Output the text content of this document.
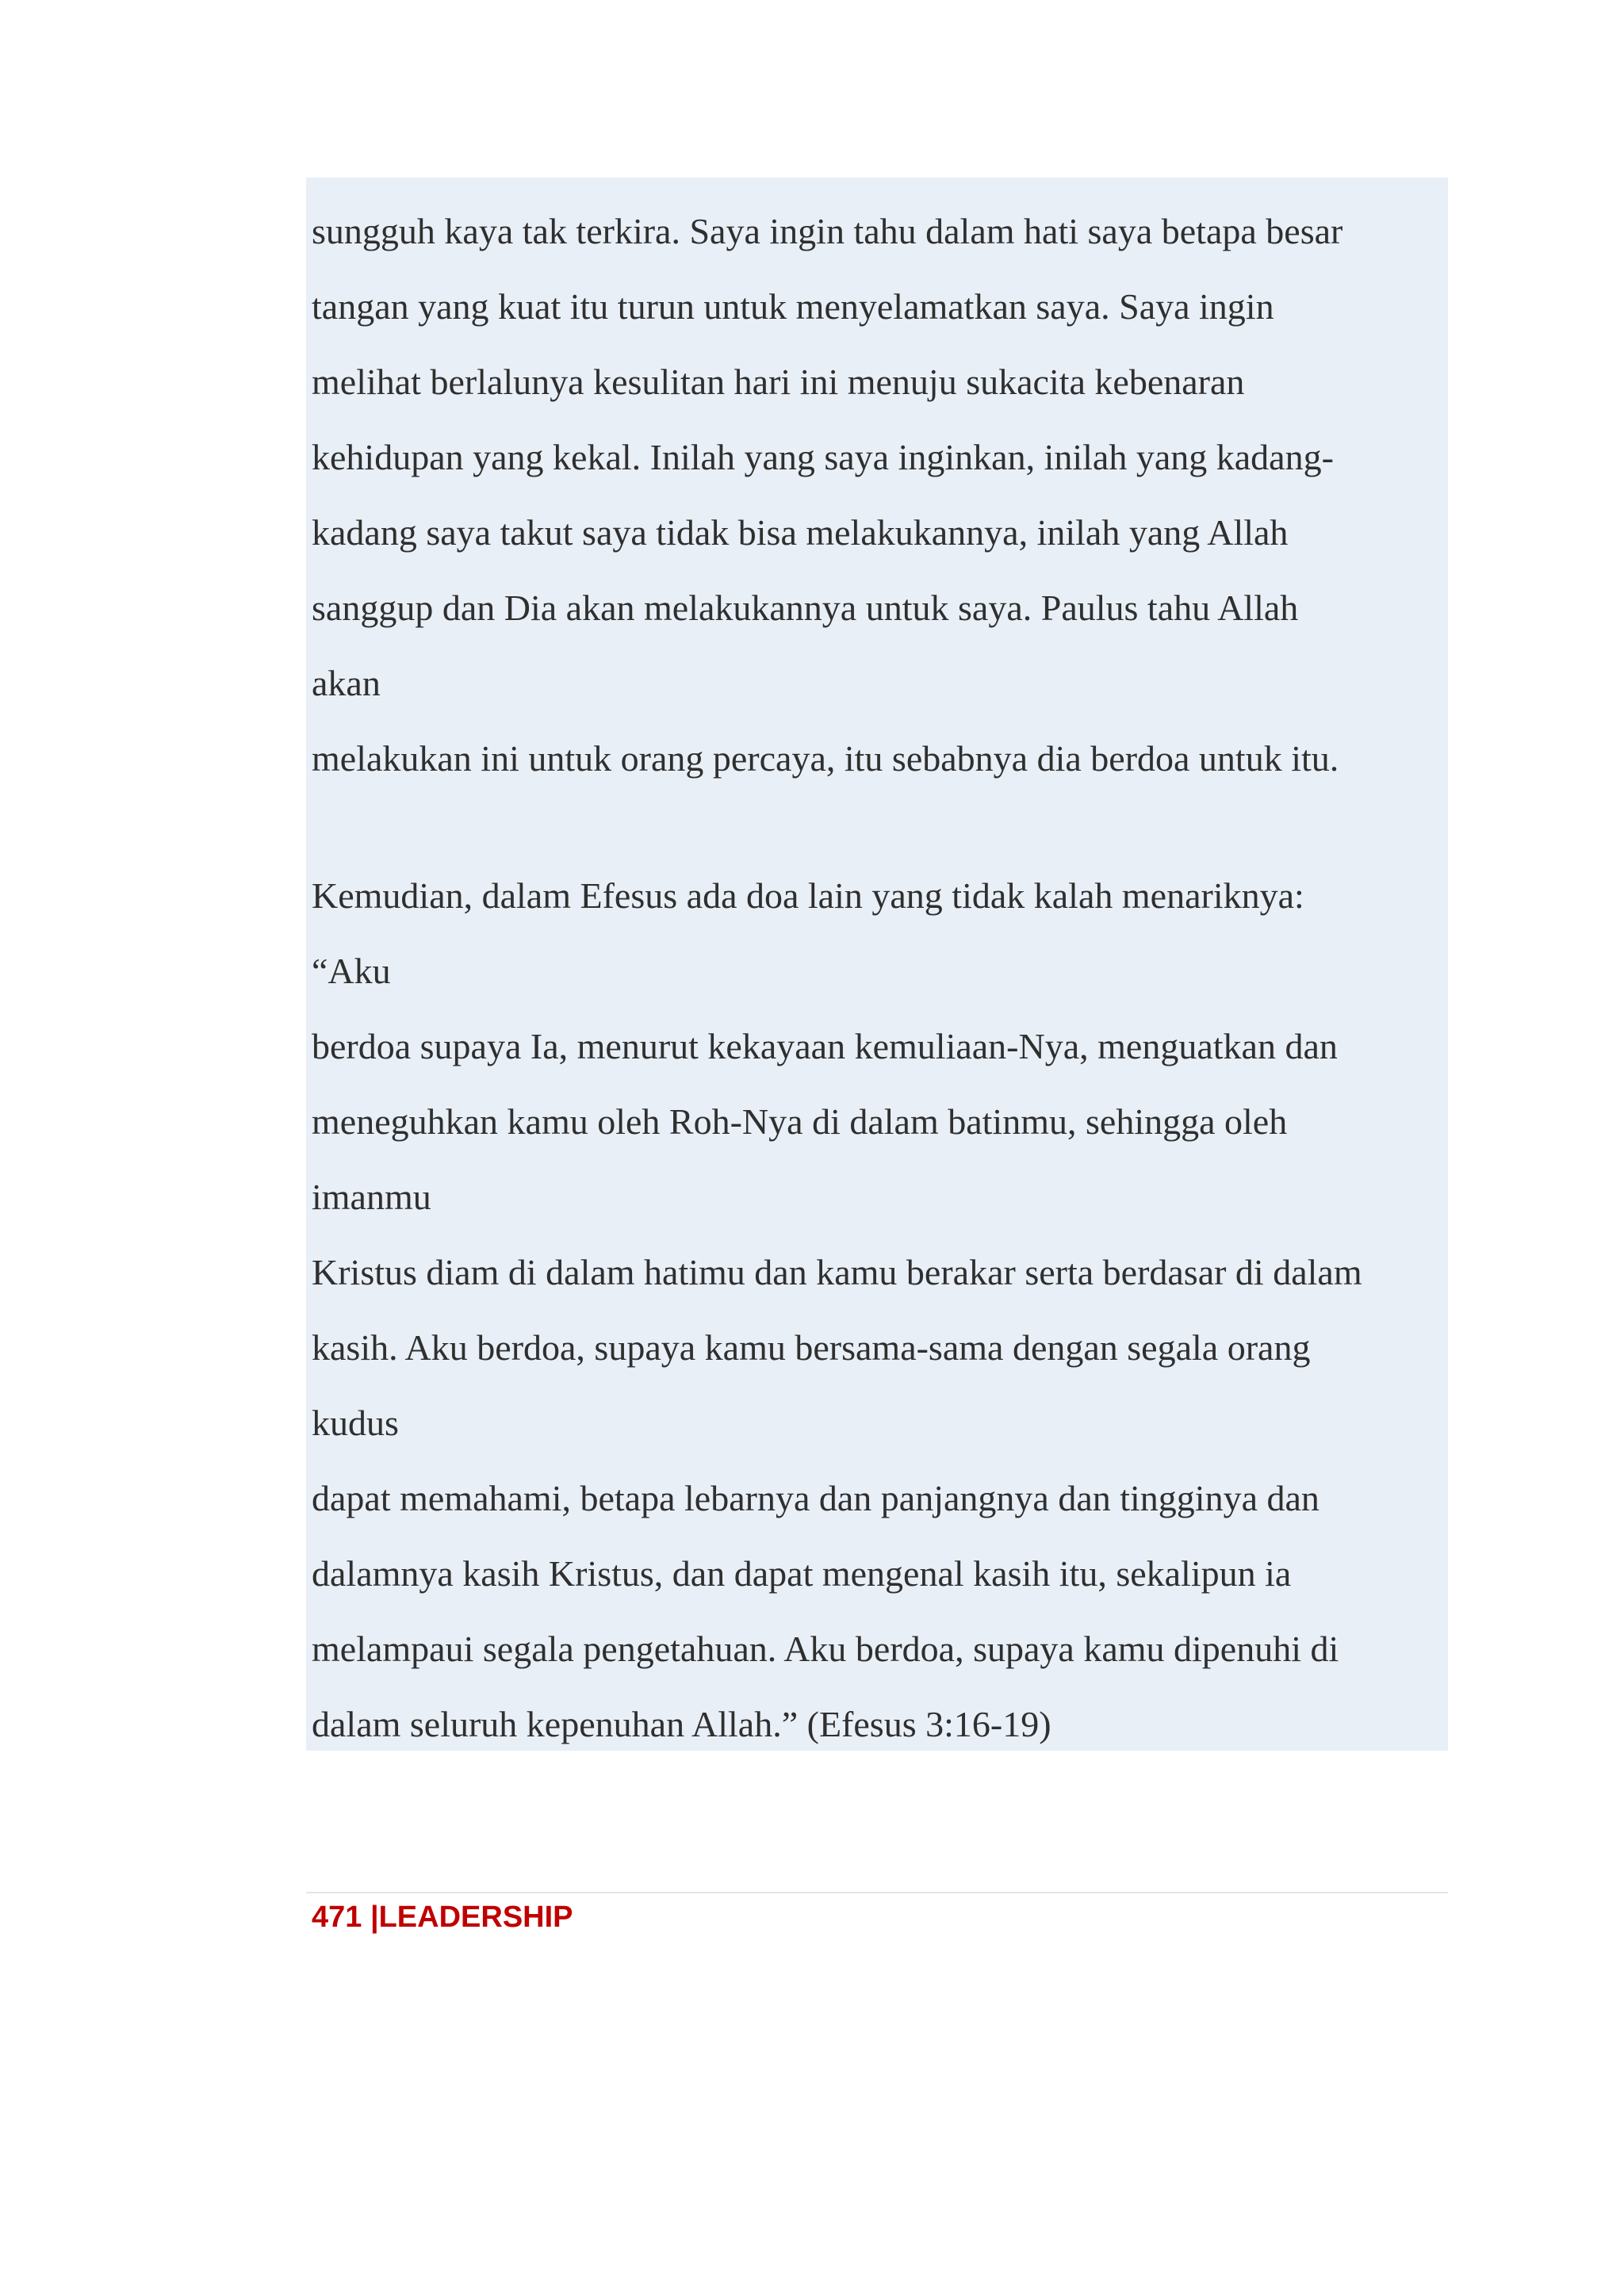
sungguh kaya tak terkira. Saya ingin tahu dalam hati saya betapa besar
tangan yang kuat itu turun untuk menyelamatkan saya. Saya ingin
melihat berlalunya kesulitan hari ini menuju sukacita kebenaran
kehidupan yang kekal. Inilah yang saya inginkan, inilah yang kadang-
kadang saya takut saya tidak bisa melakukannya, inilah yang Allah
sanggup dan Dia akan melakukannya untuk saya. Paulus tahu Allah
akan
melakukan ini untuk orang percaya, itu sebabnya dia berdoa untuk itu.
Kemudian, dalam Efesus ada doa lain yang tidak kalah menariknya:
“Aku
berdoa supaya Ia, menurut kekayaan kemuliaan-Nya, menguatkan dan
meneguhkan kamu oleh Roh-Nya di dalam batinmu, sehingga oleh
imanmu
Kristus diam di dalam hatimu dan kamu berakar serta berdasar di dalam
kasih. Aku berdoa, supaya kamu bersama-sama dengan segala orang
kudus
dapat memahami, betapa lebarnya dan panjangnya dan tingginya dan
dalamnya kasih Kristus, dan dapat mengenal kasih itu, sekalipun ia
melampaui segala pengetahuan. Aku berdoa, supaya kamu dipenuhi di
dalam seluruh kepenuhan Allah.” (Efesus 3:16-19)
471 |LEADERSHIP
